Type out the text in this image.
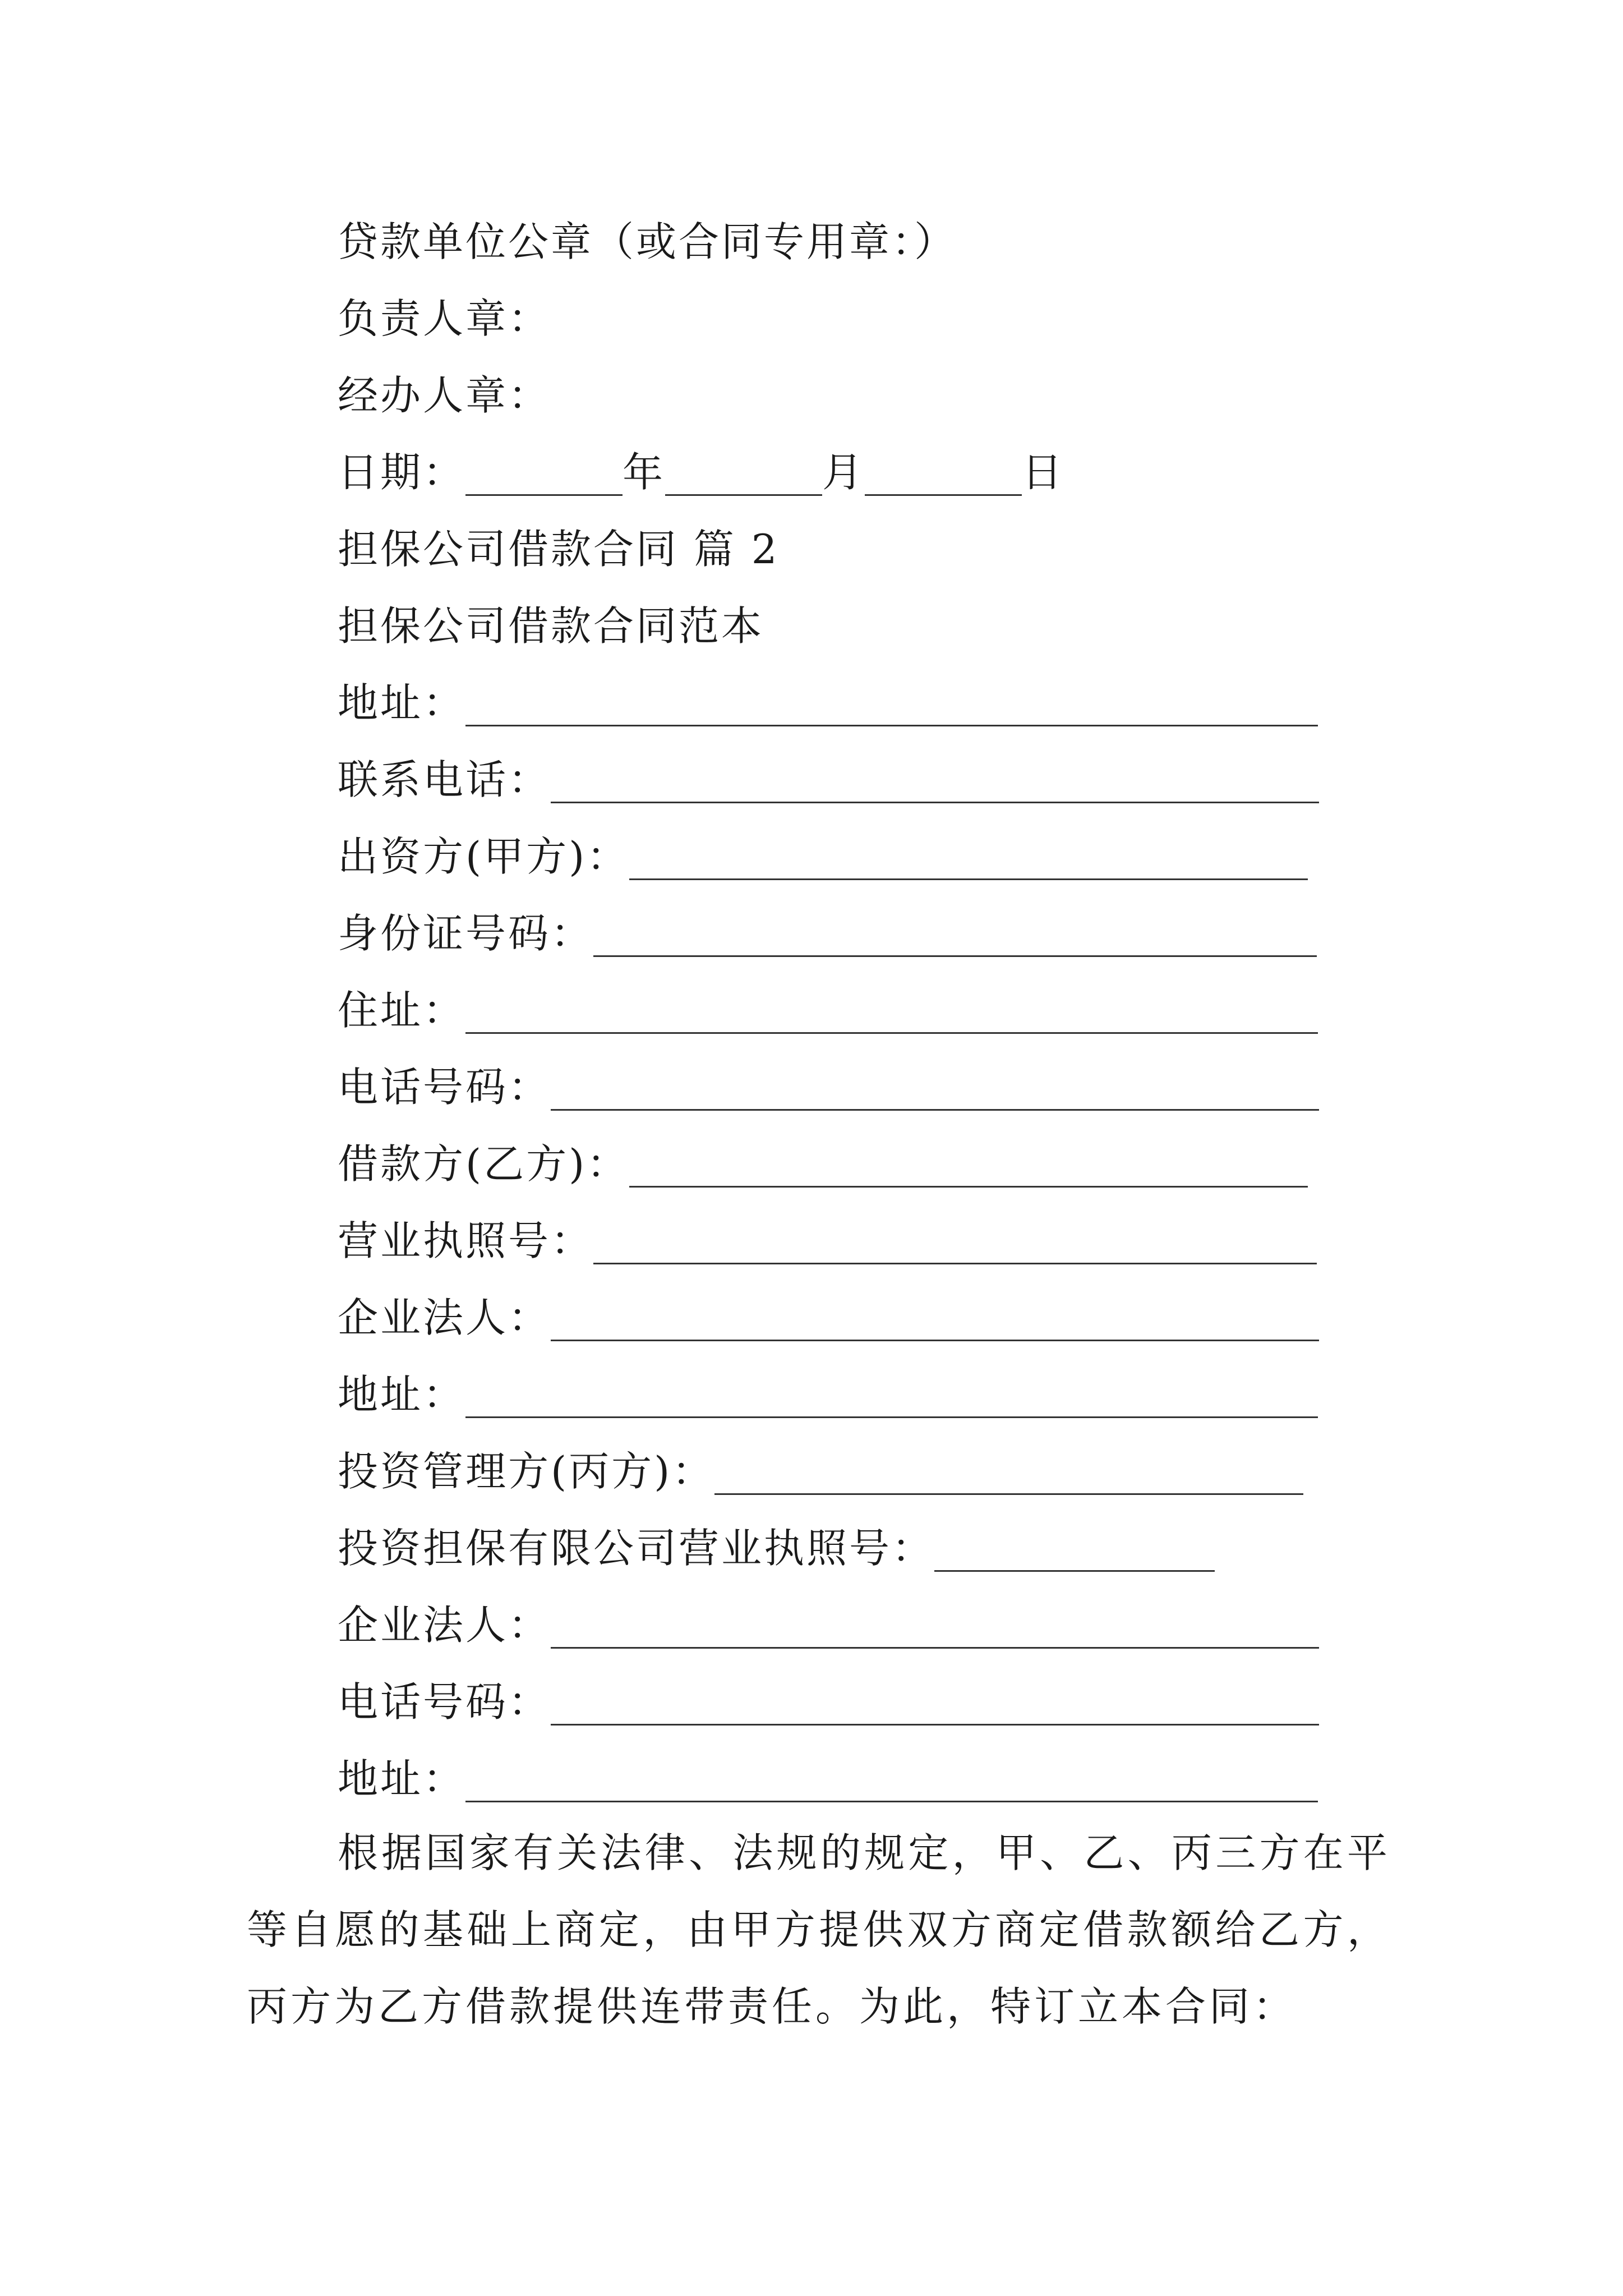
贷款单位公章（或合同专用章：）
负责人章：
经办人章：
日期：	年	月	日
担保公司借款合同 篇 2
担保公司借款合同范本
地址：
联系电话：
出资方(甲方)：
身份证号码：
住址：
电话号码：
借款方(乙方)：
营业执照号：
企业法人：
地址：
投资管理方(丙方)：
投资担保有限公司营业执照号：
企业法人：
电话号码：
地址：

根据国家有关法律、法规的规定，甲、乙、丙三方在平等自愿的基础上商定，由甲方提供双方商定借款额给乙方，丙方为乙方借款提供连带责任。为此，特订立本合同：
